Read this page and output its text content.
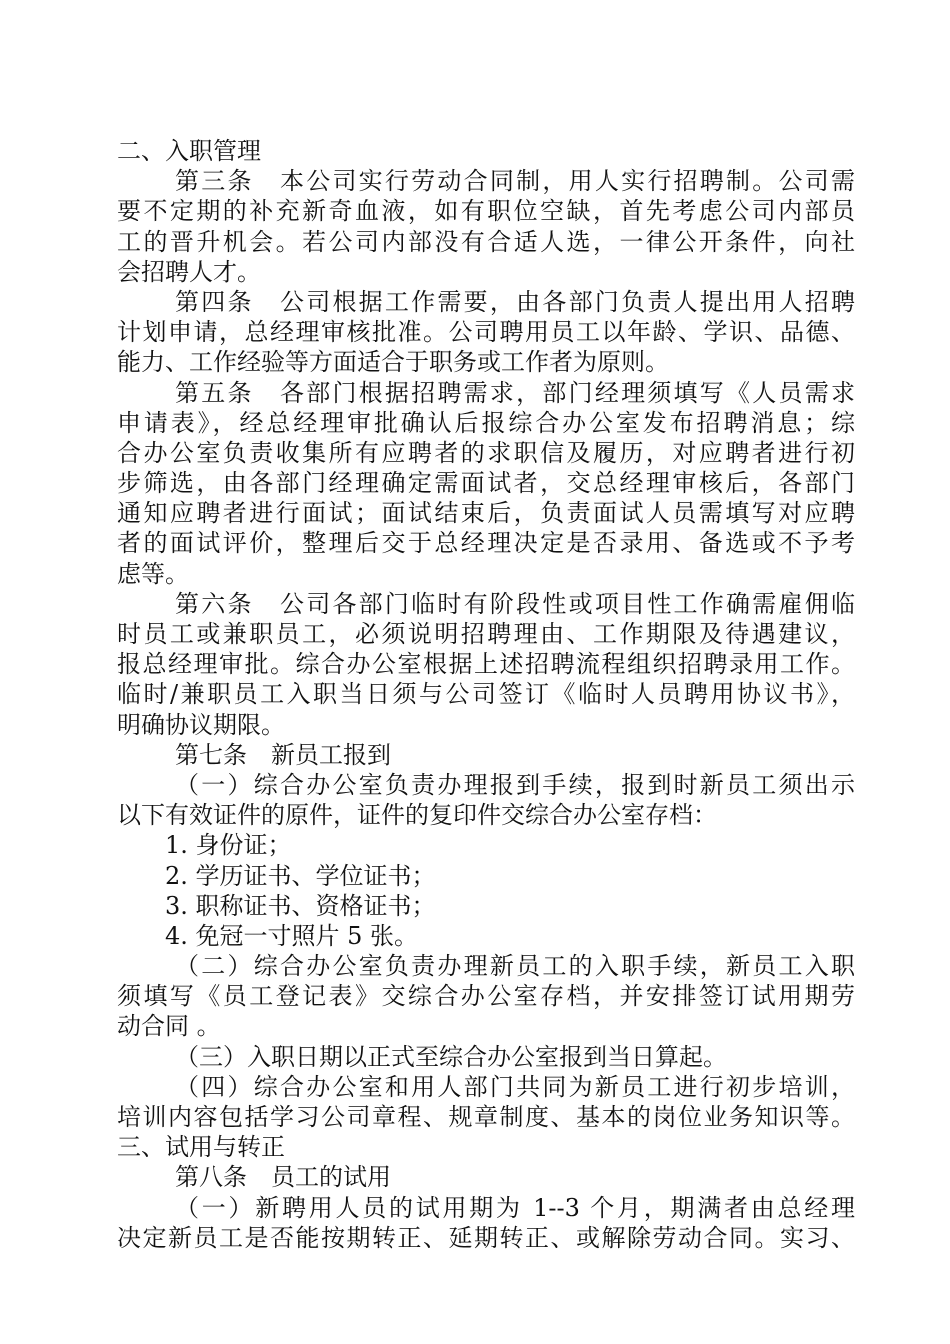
二、入职管理
第三条　本公司实行劳动合同制，用人实行招聘制。公司需
要不定期的补充新奇血液，如有职位空缺，首先考虑公司内部员
工的晋升机会。若公司内部没有合适人选，一律公开条件，向社
会招聘人才。
第四条　公司根据工作需要，由各部门负责人提出用人招聘
计划申请，总经理审核批准。公司聘用员工以年龄、学识、品德、
能力、工作经验等方面适合于职务或工作者为原则。
第五条　各部门根据招聘需求，部门经理须填写《人员需求
申请表》，经总经理审批确认后报综合办公室发布招聘消息；综
合办公室负责收集所有应聘者的求职信及履历，对应聘者进行初
步筛选，由各部门经理确定需面试者，交总经理审核后，各部门
通知应聘者进行面试；面试结束后，负责面试人员需填写对应聘
者的面试评价，整理后交于总经理决定是否录用、备选或不予考
虑等。
第六条　公司各部门临时有阶段性或项目性工作确需雇佣临
时员工或兼职员工，必须说明招聘理由、工作期限及待遇建议，
报总经理审批。综合办公室根据上述招聘流程组织招聘录用工作。
临时/兼职员工入职当日须与公司签订《临时人员聘用协议书》，
明确协议期限。
第七条　新员工报到
（一）综合办公室负责办理报到手续，报到时新员工须出示
以下有效证件的原件，证件的复印件交综合办公室存档：
1. 身份证；
2. 学历证书、学位证书；
3. 职称证书、资格证书；
4. 免冠一寸照片 5 张。
（二）综合办公室负责办理新员工的入职手续，新员工入职
须填写《员工登记表》交综合办公室存档，并安排签订试用期劳
动合同 。
（三）入职日期以正式至综合办公室报到当日算起。
（四）综合办公室和用人部门共同为新员工进行初步培训，
培训内容包括学习公司章程、规章制度、基本的岗位业务知识等。
三、试用与转正
第八条　员工的试用
（一）新聘用人员的试用期为 1--3 个月，期满者由总经理
决定新员工是否能按期转正、延期转正、或解除劳动合同。实习、
